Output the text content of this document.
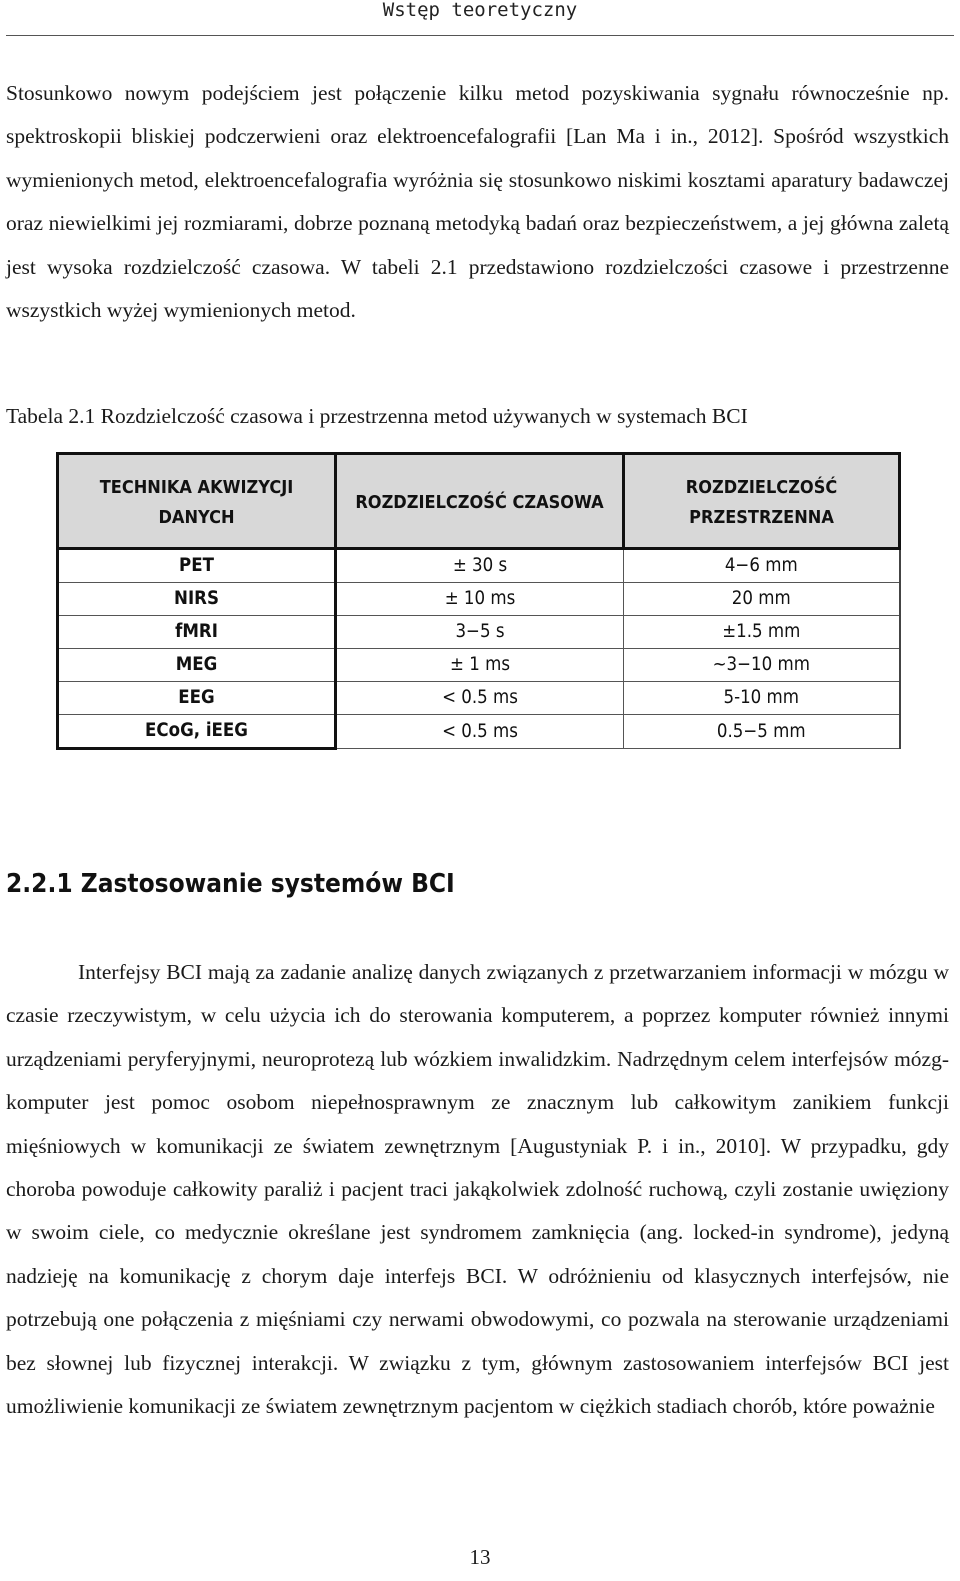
Wstęp teoretyczny

Stosunkowo nowym podejściem jest połączenie kilku metod pozyskiwania sygnału równocześnie np. spektroskopii bliskiej podczerwieni oraz elektroencefalografii [Lan Ma i in., 2012]. Spośród wszystkich wymienionych metod, elektroencefalografia wyróżnia się stosunkowo niskimi kosztami aparatury badawczej oraz niewielkimi jej rozmiarami, dobrze poznaną metodyką badań oraz bezpieczeństwem, a jej główna zaletą jest wysoka rozdzielczość czasowa. W tabeli 2.1 przedstawiono rozdzielczości czasowe i przestrzenne wszystkich wyżej wymienionych metod.

Tabela 2.1 Rozdzielczość czasowa i przestrzenna metod używanych w systemach BCI

TECHNIKA AKWIZYCJI DANYCH	ROZDZIELCZOŚĆ CZASOWA	ROZDZIELCZOŚĆ PRZESTRZENNA
PET	± 30 s	4−6 mm
NIRS	± 10 ms	20 mm
fMRI	3−5 s	±1.5 mm
MEG	± 1 ms	~3−10 mm
EEG	< 0.5 ms	5-10 mm
ECoG, iEEG	< 0.5 ms	0.5−5 mm
2.2.1 Zastosowanie systemów BCI

Interfejsy BCI mają za zadanie analizę danych związanych z przetwarzaniem informacji w mózgu w czasie rzeczywistym, w celu użycia ich do sterowania komputerem, a poprzez komputer również innymi urządzeniami peryferyjnymi, neuroprotezą lub wózkiem inwalidzkim. Nadrzędnym celem interfejsów mózg-komputer jest pomoc osobom niepełnosprawnym ze znacznym lub całkowitym zanikiem funkcji mięśniowych w komunikacji ze światem zewnętrznym [Augustyniak P. i in., 2010]. W przypadku, gdy choroba powoduje całkowity paraliż i pacjent traci jakąkolwiek zdolność ruchową, czyli zostanie uwięziony w swoim ciele, co medycznie określane jest syndromem zamknięcia (ang. locked-in syndrome), jedyną nadzieję na komunikację z chorym daje interfejs BCI. W odróżnieniu od klasycznych interfejsów, nie potrzebują one połączenia z mięśniami czy nerwami obwodowymi, co pozwala na sterowanie urządzeniami bez słownej lub fizycznej interakcji. W związku z tym, głównym zastosowaniem interfejsów BCI jest umożliwienie komunikacji ze światem zewnętrznym pacjentom w ciężkich stadiach chorób, które poważnie

13
